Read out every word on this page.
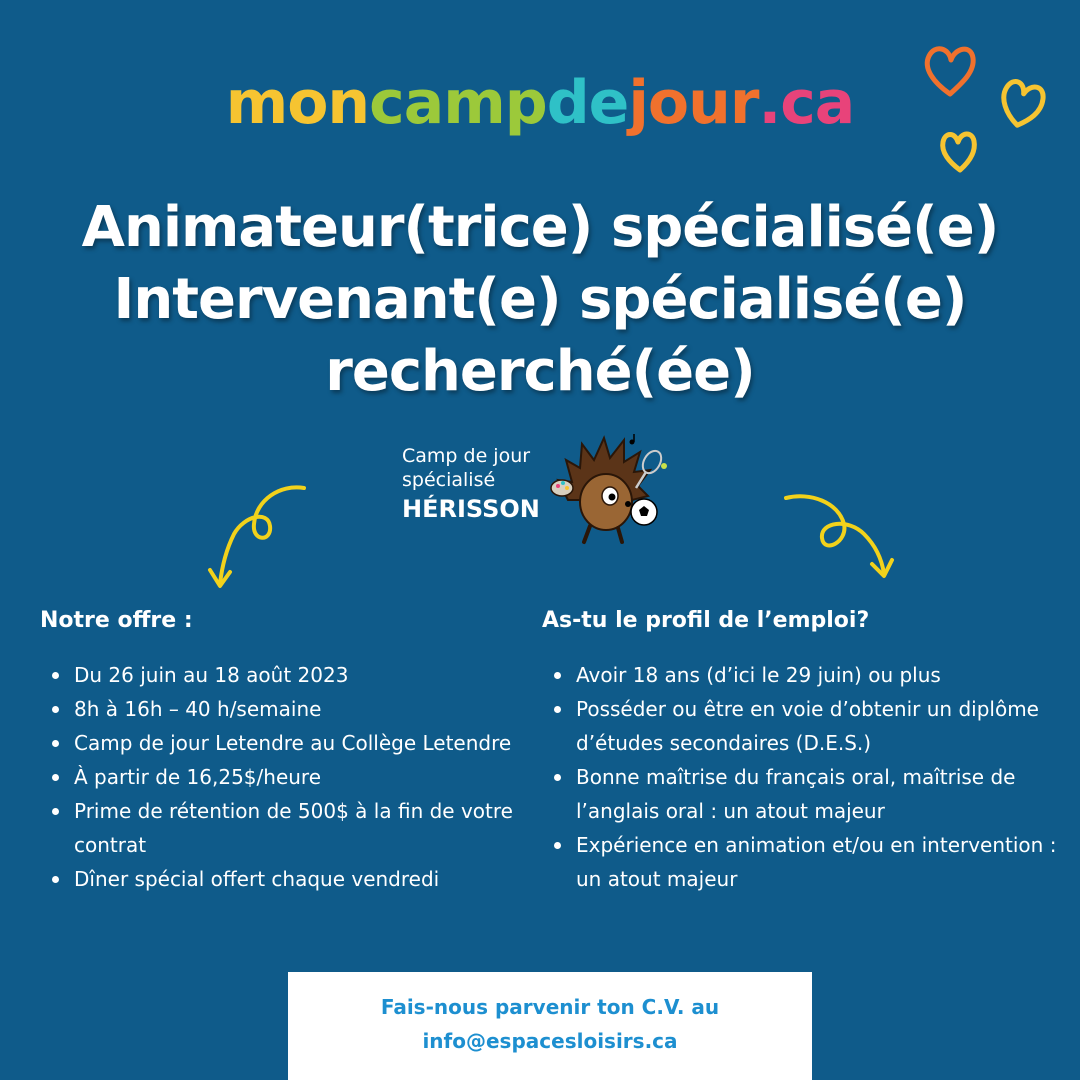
moncampdejour.ca
Animateur(trice) spécialisé(e)
Intervenant(e) spécialisé(e)
recherché(ée)
Camp de jour
spécialisé
HÉRISSON
Notre offre :
Du 26 juin au 18 août 2023
8h à 16h – 40 h/semaine
Camp de jour Letendre au Collège Letendre
À partir de 16,25$/heure
Prime de rétention de 500$ à la fin de votre contrat
Dîner spécial offert chaque vendredi
As-tu le profil de l’emploi?
Avoir 18 ans (d’ici le 29 juin) ou plus
Posséder ou être en voie d’obtenir un diplôme d’études secondaires (D.E.S.)
Bonne maîtrise du français oral, maîtrise de l’anglais oral : un atout majeur
Expérience en animation et/ou en intervention : un atout majeur
Fais-nous parvenir ton C.V. au
info@espacesloisirs.ca
